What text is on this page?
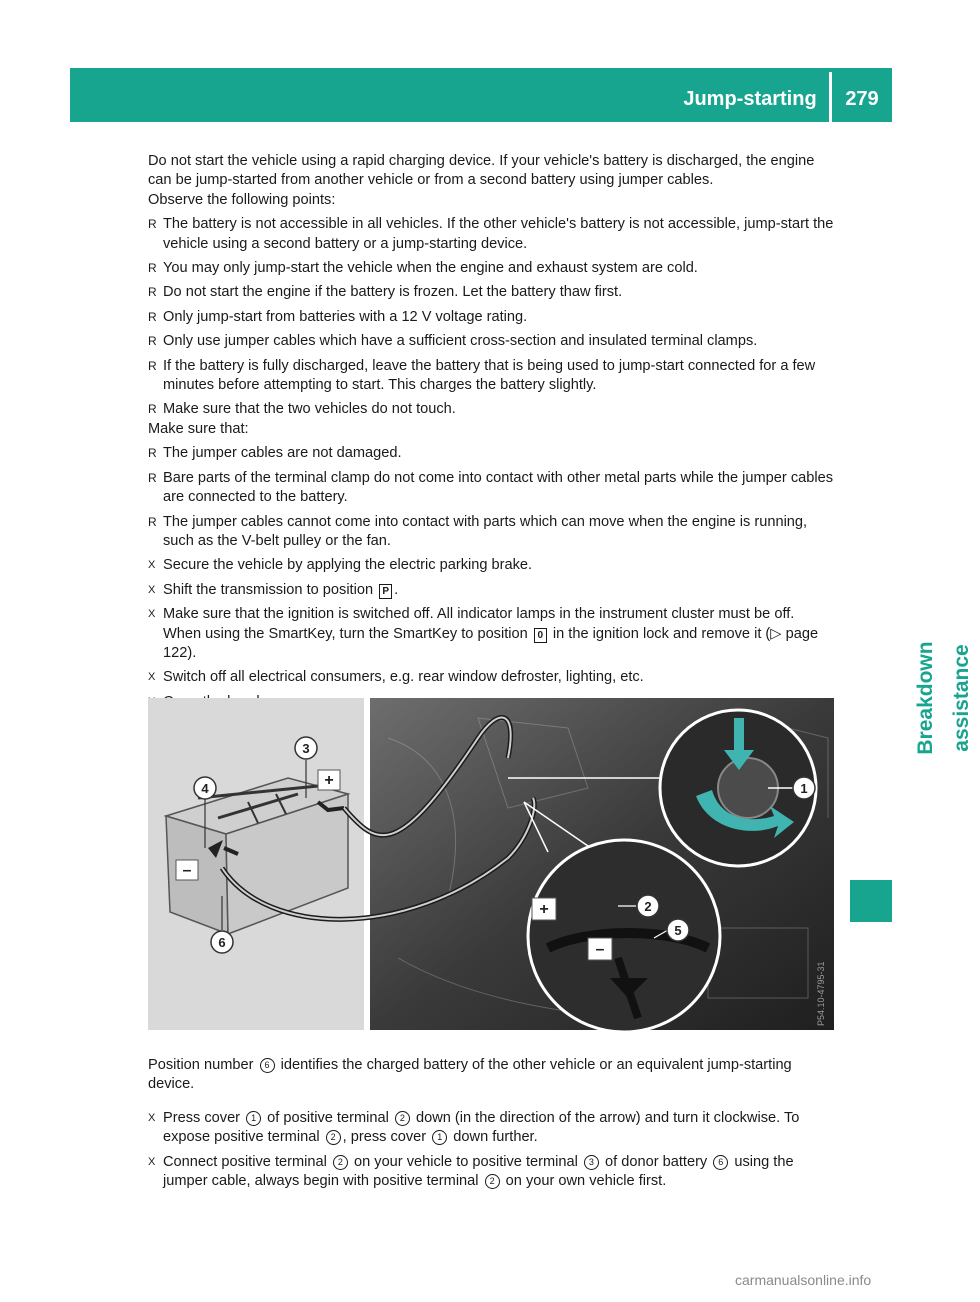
Jump-starting	279
Breakdown assistance

Do not start the vehicle using a rapid charging device. If your vehicle's battery is discharged, the engine can be jump-started from another vehicle or from a second battery using jumper cables.

Observe the following points:

R The battery is not accessible in all vehicles. If the other vehicle's battery is not accessible, jump-start the vehicle using a second battery or a jump-starting device.
R You may only jump-start the vehicle when the engine and exhaust system are cold.
R Do not start the engine if the battery is frozen. Let the battery thaw first.
R Only jump-start from batteries with a 12 V voltage rating.
R Only use jumper cables which have a sufficient cross-section and insulated terminal clamps.
R If the battery is fully discharged, leave the battery that is being used to jump-start connected for a few minutes before attempting to start. This charges the battery slightly.
R Make sure that the two vehicles do not touch.

Make sure that:

R The jumper cables are not damaged.
R Bare parts of the terminal clamp do not come into contact with other metal parts while the jumper cables are connected to the battery.
R The jumper cables cannot come into contact with parts which can move when the engine is running, such as the V-belt pulley or the fan.
X Secure the vehicle by applying the electric parking brake.
X Shift the transmission to position P .
X Make sure that the ignition is switched off. All indicator lamps in the instrument cluster must be off. When using the SmartKey, turn the SmartKey to position 0 in the ignition lock and remove it (▷ page 122).
X Switch off all electrical consumers, e.g. rear window defroster, lighting, etc.
+
–
+
–
3
4
6
1
2
5
P54.10-4795-31

Position number 6 identifies the charged battery of the other vehicle or an equivalent jump-starting device.

X Press cover 1 of positive terminal 2 down (in the direction of the arrow) and turn it clockwise. To expose positive terminal 2 , press cover 1 down further.
X Connect positive terminal 2 on your vehicle to positive terminal 3 of donor battery 6 using the jumper cable, always begin with positive terminal 2 on your own vehicle first.
carmanualsonline.info
